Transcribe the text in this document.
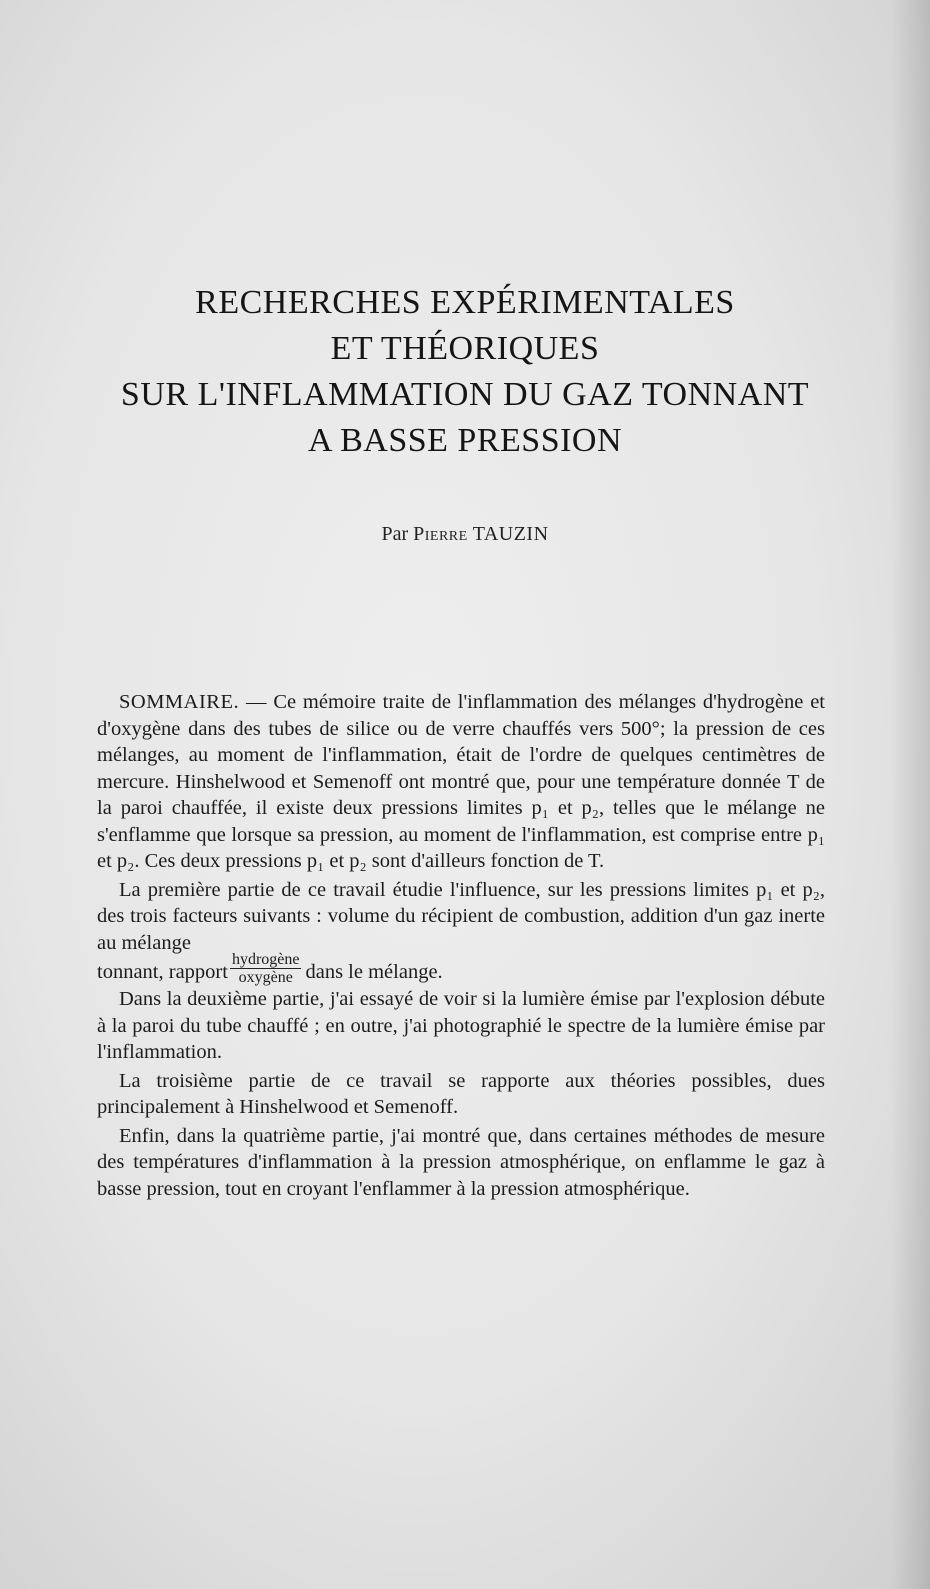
RECHERCHES EXPÉRIMENTALES
ET THÉORIQUES
SUR L'INFLAMMATION DU GAZ TONNANT
A BASSE PRESSION
Par Pierre TAUZIN

SOMMAIRE. — Ce mémoire traite de l'inflammation des mélanges d'hydrogène et d'oxygène dans des tubes de silice ou de verre chauffés vers 500°; la pression de ces mélanges, au moment de l'inflammation, était de l'ordre de quelques centimètres de mercure. Hinshelwood et Semenoff ont montré que, pour une température donnée T de la paroi chauffée, il existe deux pressions limites p₁ et p₂, telles que le mélange ne s'enflamme que lorsque sa pression, au moment de l'inflammation, est comprise entre p₁ et p₂. Ces deux pressions p₁ et p₂ sont d'ailleurs fonction de T.

La première partie de ce travail étudie l'influence, sur les pressions limites p₁ et p₂, des trois facteurs suivants : volume du récipient de combustion, addition d'un gaz inerte au mélange

tonnant, rapport $\frac{\text{hydrogène}}{\text{oxygène}}$ dans le mélange.

Dans la deuxième partie, j'ai essayé de voir si la lumière émise par l'explosion débute à la paroi du tube chauffé ; en outre, j'ai photographié le spectre de la lumière émise par l'inflammation.

La troisième partie de ce travail se rapporte aux théories possibles, dues principalement à Hinshelwood et Semenoff.

Enfin, dans la quatrième partie, j'ai montré que, dans certaines méthodes de mesure des températures d'inflammation à la pression atmosphérique, on enflamme le gaz à basse pression, tout en croyant l'enflammer à la pression atmosphérique.
